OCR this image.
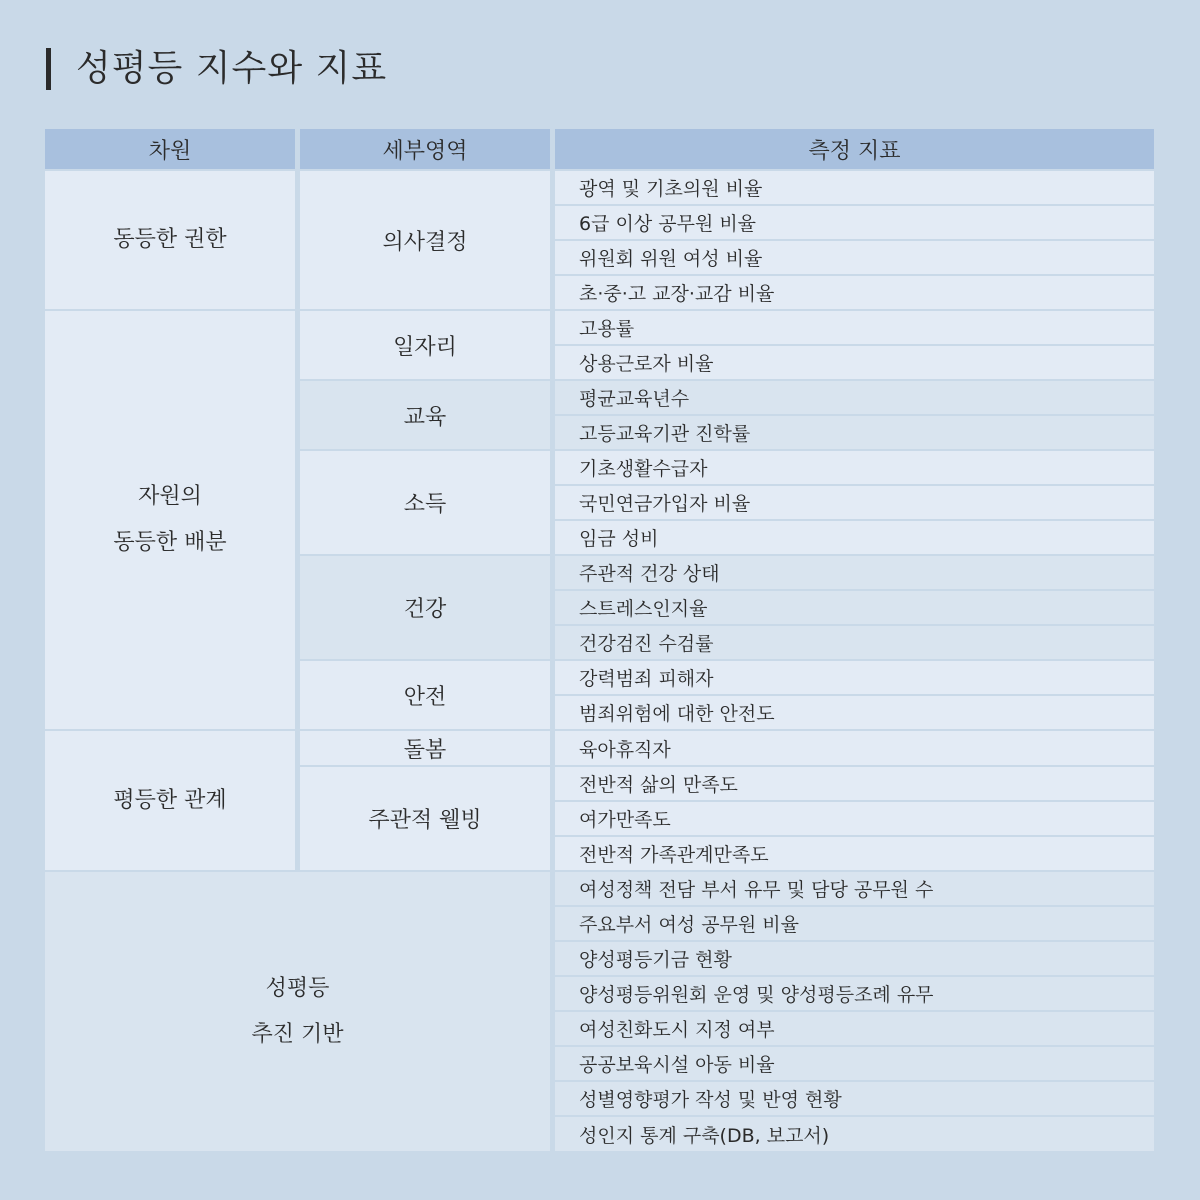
성평등 지수와 지표
차원	세부영역	측정 지표
동등한 권한
자원의
동등한 배분
평등한 관계
성평등
추진 기반
의사결정
일자리
교육
소득
건강
안전
돌봄
주관적 웰빙
광역 및 기초의원 비율
6급 이상 공무원 비율
위원회 위원 여성 비율
초·중·고 교장·교감 비율
고용률
상용근로자 비율
평균교육년수
고등교육기관 진학률
기초생활수급자
국민연금가입자 비율
임금 성비
주관적 건강 상태
스트레스인지율
건강검진 수검률
강력범죄 피해자
범죄위험에 대한 안전도
육아휴직자
전반적 삶의 만족도
여가만족도
전반적 가족관계만족도
여성정책 전담 부서 유무 및 담당 공무원 수
주요부서 여성 공무원 비율
양성평등기금 현황
양성평등위원회 운영 및 양성평등조례 유무
여성친화도시 지정 여부
공공보육시설 아동 비율
성별영향평가 작성 및 반영 현황
성인지 통계 구축(DB, 보고서)
